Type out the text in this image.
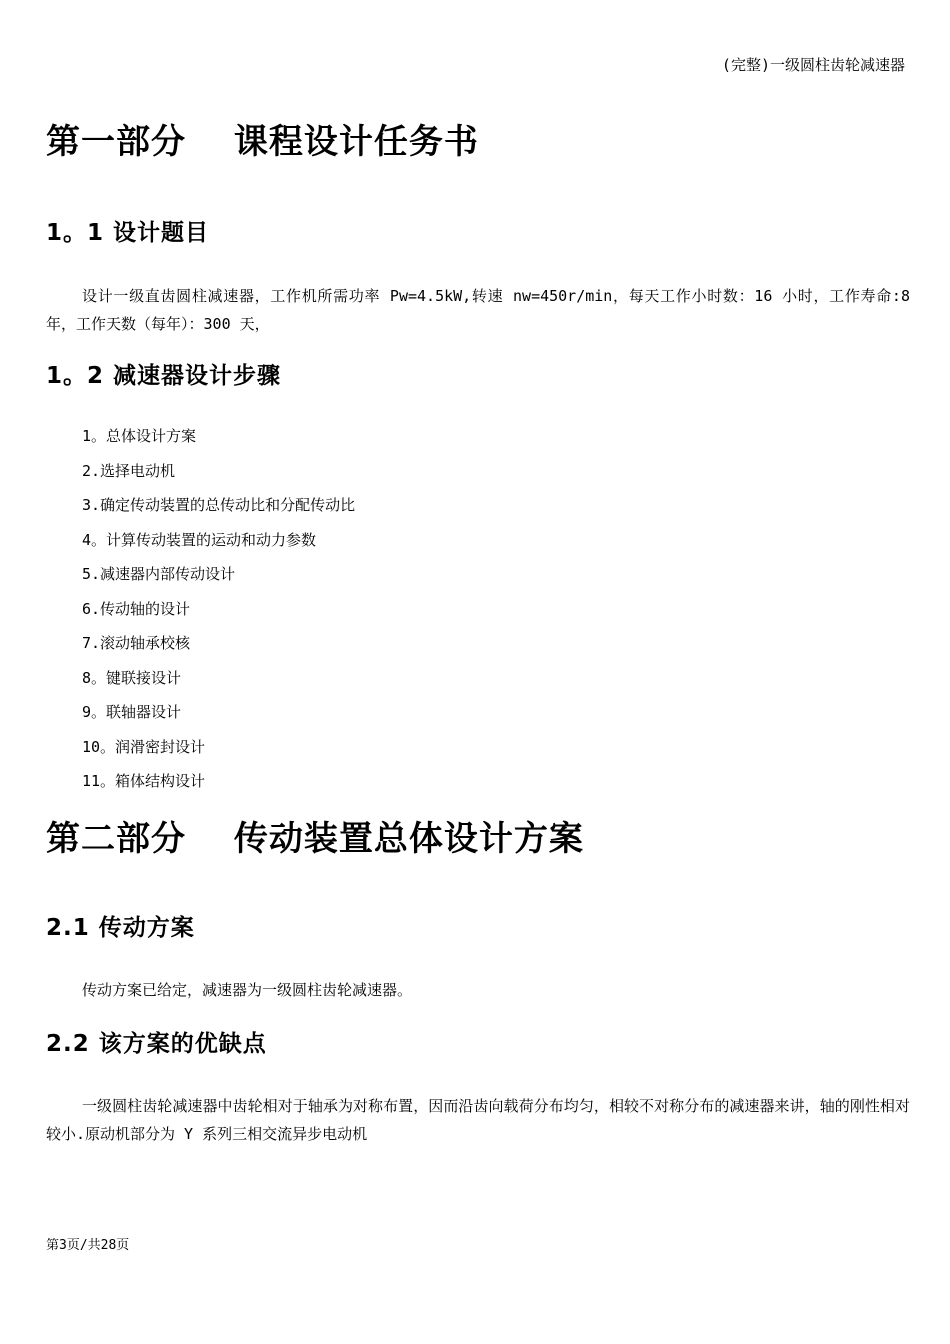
(完整)一级圆柱齿轮减速器
第一部分　 课程设计任务书
1。1 设计题目
设计一级直齿圆柱减速器，工作机所需功率 Pw=4.5kW,转速 nw=450r/min，每天工作小时数：16 小时，工作寿命:8 年，工作天数（每年）：300 天，
1。2 减速器设计步骤
1。总体设计方案
2.选择电动机
3.确定传动装置的总传动比和分配传动比
4。计算传动装置的运动和动力参数
5.减速器内部传动设计
6.传动轴的设计
7.滚动轴承校核
8。键联接设计
9。联轴器设计
10。润滑密封设计
11。箱体结构设计
第二部分　 传动装置总体设计方案
2.1 传动方案
传动方案已给定，减速器为一级圆柱齿轮减速器。
2.2 该方案的优缺点
一级圆柱齿轮减速器中齿轮相对于轴承为对称布置，因而沿齿向载荷分布均匀，相较不对称分布的减速器来讲，轴的刚性相对较小.原动机部分为 Y 系列三相交流异步电动机
第3页/共28页
